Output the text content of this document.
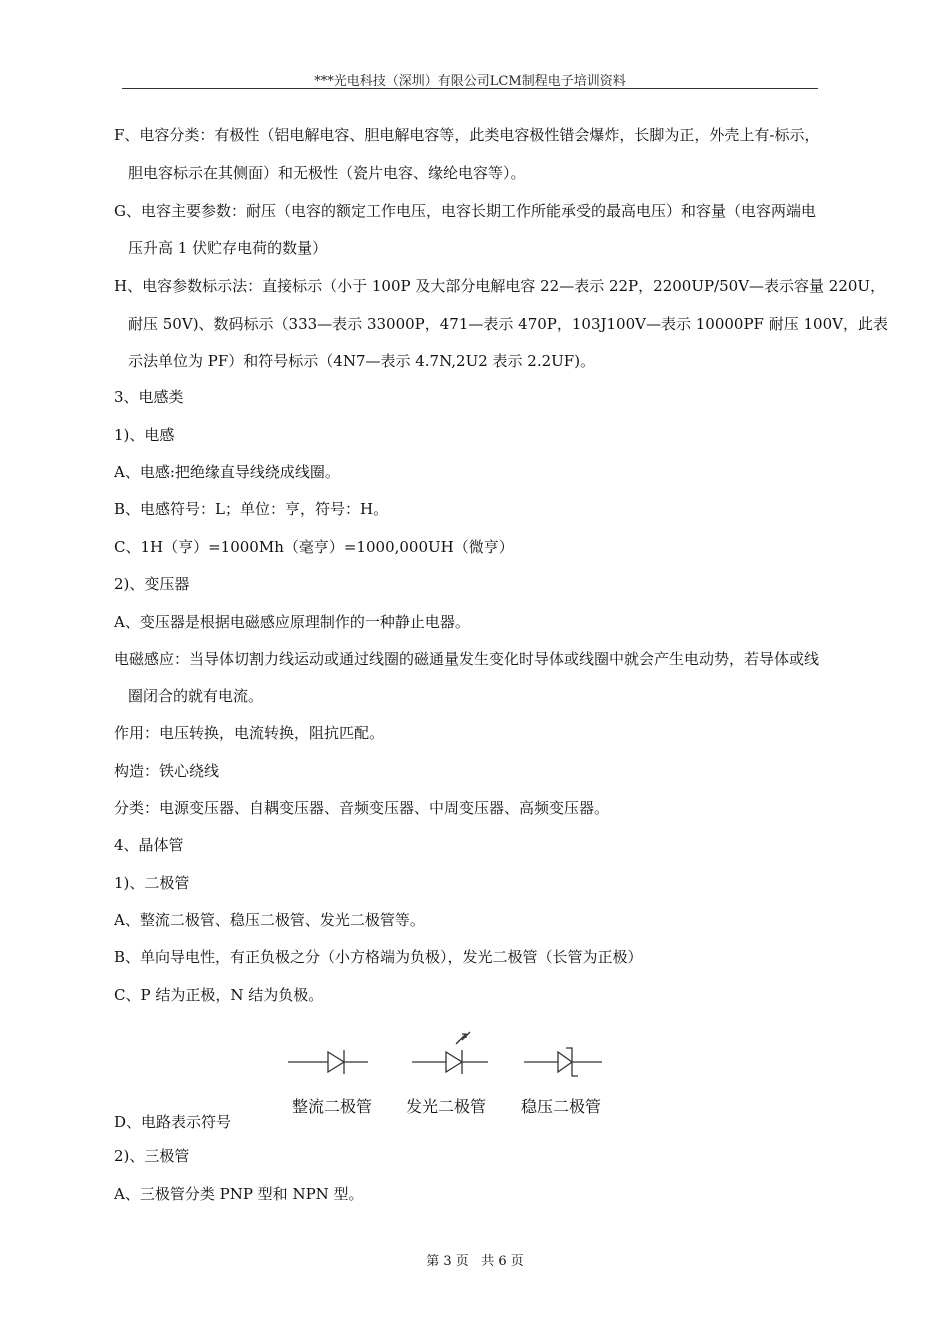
***光电科技（深圳）有限公司LCM制程电子培训资料
F、电容分类：有极性（铝电解电容、胆电解电容等，此类电容极性错会爆炸，长脚为正，外壳上有-标示，
胆电容标示在其侧面）和无极性（瓷片电容、缘纶电容等）。
G、电容主要参数：耐压（电容的额定工作电压，电容长期工作所能承受的最高电压）和容量（电容两端电
压升高 1 伏贮存电荷的数量）
H、电容参数标示法：直接标示（小于 100P 及大部分电解电容 22—表示 22P，2200UP/50V—表示容量 220U，
耐压 50V)、数码标示（333—表示 33000P，471—表示 470P，103J100V—表示 10000PF 耐压 100V，此表
示法单位为 PF）和符号标示（4N7—表示 4.7N,2U2 表示 2.2UF)。
3、电感类
1)、电感
A、电感:把绝缘直导线绕成线圈。
B、电感符号：L；单位：亨，符号：H。
C、1H（亨）=1000Mh（毫亨）=1000,000UH（微亨）
2)、变压器
A、变压器是根据电磁感应原理制作的一种静止电器。
电磁感应：当导体切割力线运动或通过线圈的磁通量发生变化时导体或线圈中就会产生电动势，若导体或线
圈闭合的就有电流。
作用：电压转换，电流转换，阻抗匹配。
构造：铁心绕线
分类：电源变压器、自耦变压器、音频变压器、中周变压器、高频变压器。
4、晶体管
1)、二极管
A、整流二极管、稳压二极管、发光二极管等。
B、单向导电性，有正负极之分（小方格端为负极），发光二极管（长管为正极）
C、P 结为正极，N 结为负极。
整流二极管 发光二极管 稳压二极管
D、电路表示符号
2)、三极管
A、三极管分类 PNP 型和 NPN 型。
第 3 页 共 6 页
